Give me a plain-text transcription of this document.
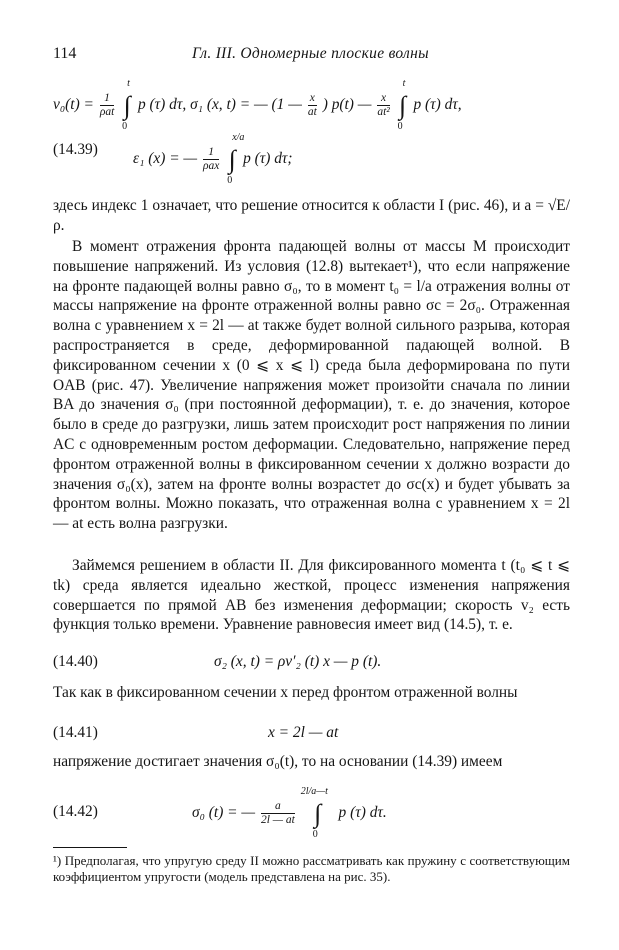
114	Гл. III. Одномерные плоские волны
$v_0(t) = \frac{1}{\text{ρat}}$ ∫
t
0
p (τ) dτ, σ₁ (x, t) = — (1 — $\frac{x}{at}$ ) p(t) — $\frac{x}{\text{at²}}$ ∫
t
0
p (τ) dτ,
(14.39)
ε₁ (x) = — $\frac{1}{\text{ρax}}$ ∫
x/a
0
p (τ) dτ;

здесь индекс 1 означает, что решение относится к области I (рис. 46), и a = √E/ρ.

В момент отражения фронта падающей волны от массы M происходит повышение напряжений. Из условия (12.8) вытекает¹), что если напряжение на фронте падающей волны равно σ₀, то в момент t₀ = l/a отражения волны от массы напряжение на фронте отраженной волны равно σc = 2σ₀. Отраженная волна с уравнением x = 2l — at также будет волной сильного разрыва, которая распространяется в среде, деформированной падающей волной. В фиксированном сечении x (0 ⩽ x ⩽ l) среда была деформирована по пути OAB (рис. 47). Увеличение напряжения может произойти сначала по линии BA до значения σ₀ (при постоянной деформации), т. е. до значения, которое было в среде до разгрузки, лишь затем происходит рост напряжения по линии AC с одновременным ростом деформации. Следовательно, напряжение перед фронтом отраженной волны в фиксированном сечении x должно возрасти до значения σ₀(x), затем на фронте волны возрастет до σc(x) и будет убывать за фронтом волны. Можно показать, что отраженная волна с уравнением x = 2l — at есть волна разгрузки.

Займемся решением в области II. Для фиксированного момента t (t₀ ⩽ t ⩽ tk) среда является идеально жесткой, процесс изменения напряжения совершается по прямой AB без изменения деформации; скорость v₂ есть функция только времени. Уравнение равновесия имеет вид (14.5), т. е.

(14.40)	σ₂ (x, t) = ρv′₂ (t) x — p (t).

Так как в фиксированном сечении x перед фронтом отраженной волны

(14.41)	x = 2l — at

напряжение достигает значения σ₀(t), то на основании (14.39) имеем

(14.42)	σ₀ (t) = — $\frac{a}{2l — at}$ ∫
2l/a—t
0
p (τ) dτ.
¹) Предполагая, что упругую среду II можно рассматривать как пружину с соответствующим коэффициентом упругости (модель представлена на рис. 35).
